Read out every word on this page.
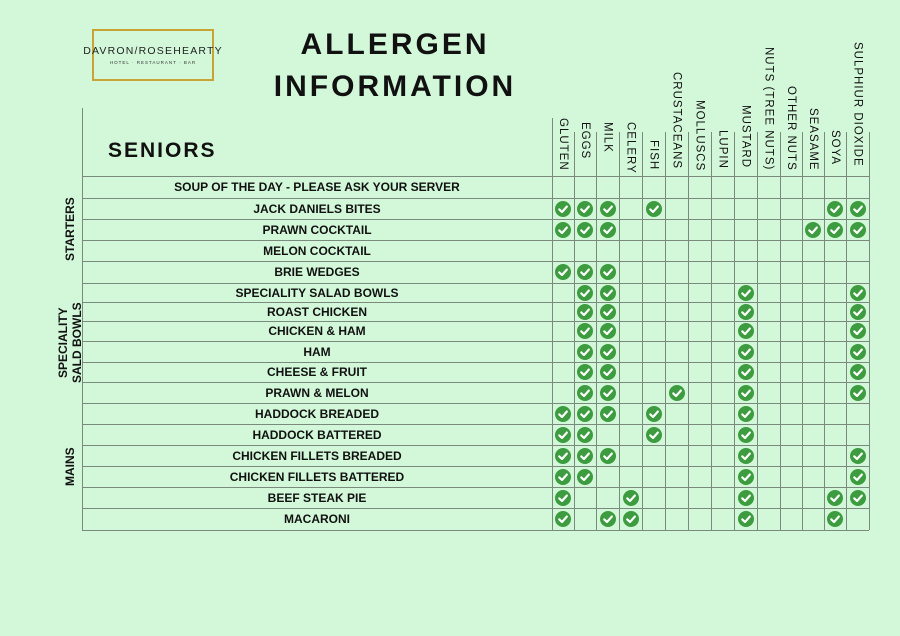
DAVRON/ROSEHEARTY
HOTEL · RESTAURANT · BAR
ALLERGEN
INFORMATION
SENIORS	GLUTEN EGGS MILK CELERY FISH CRUSTACEANS MOLLUSCS LUPIN MUSTARD NUTS (TREE NUTS) OTHER NUTS SEASAME SOYA SULPHIUR DIOXIDE
SOUP OF THE DAY - PLEASE ASK YOUR SERVER
JACK DANIELS BITES
PRAWN COCKTAIL
MELON COCKTAIL
BRIE WEDGES
SPECIALITY SALAD BOWLS
ROAST CHICKEN
CHICKEN & HAM
HAM
CHEESE & FRUIT
PRAWN & MELON
HADDOCK BREADED
HADDOCK BATTERED
CHICKEN FILLETS BREADED
CHICKEN FILLETS BATTERED
BEEF STEAK PIE
MACARONI
STARTERS
SPECIALITY
SALD BOWLS
MAINS
